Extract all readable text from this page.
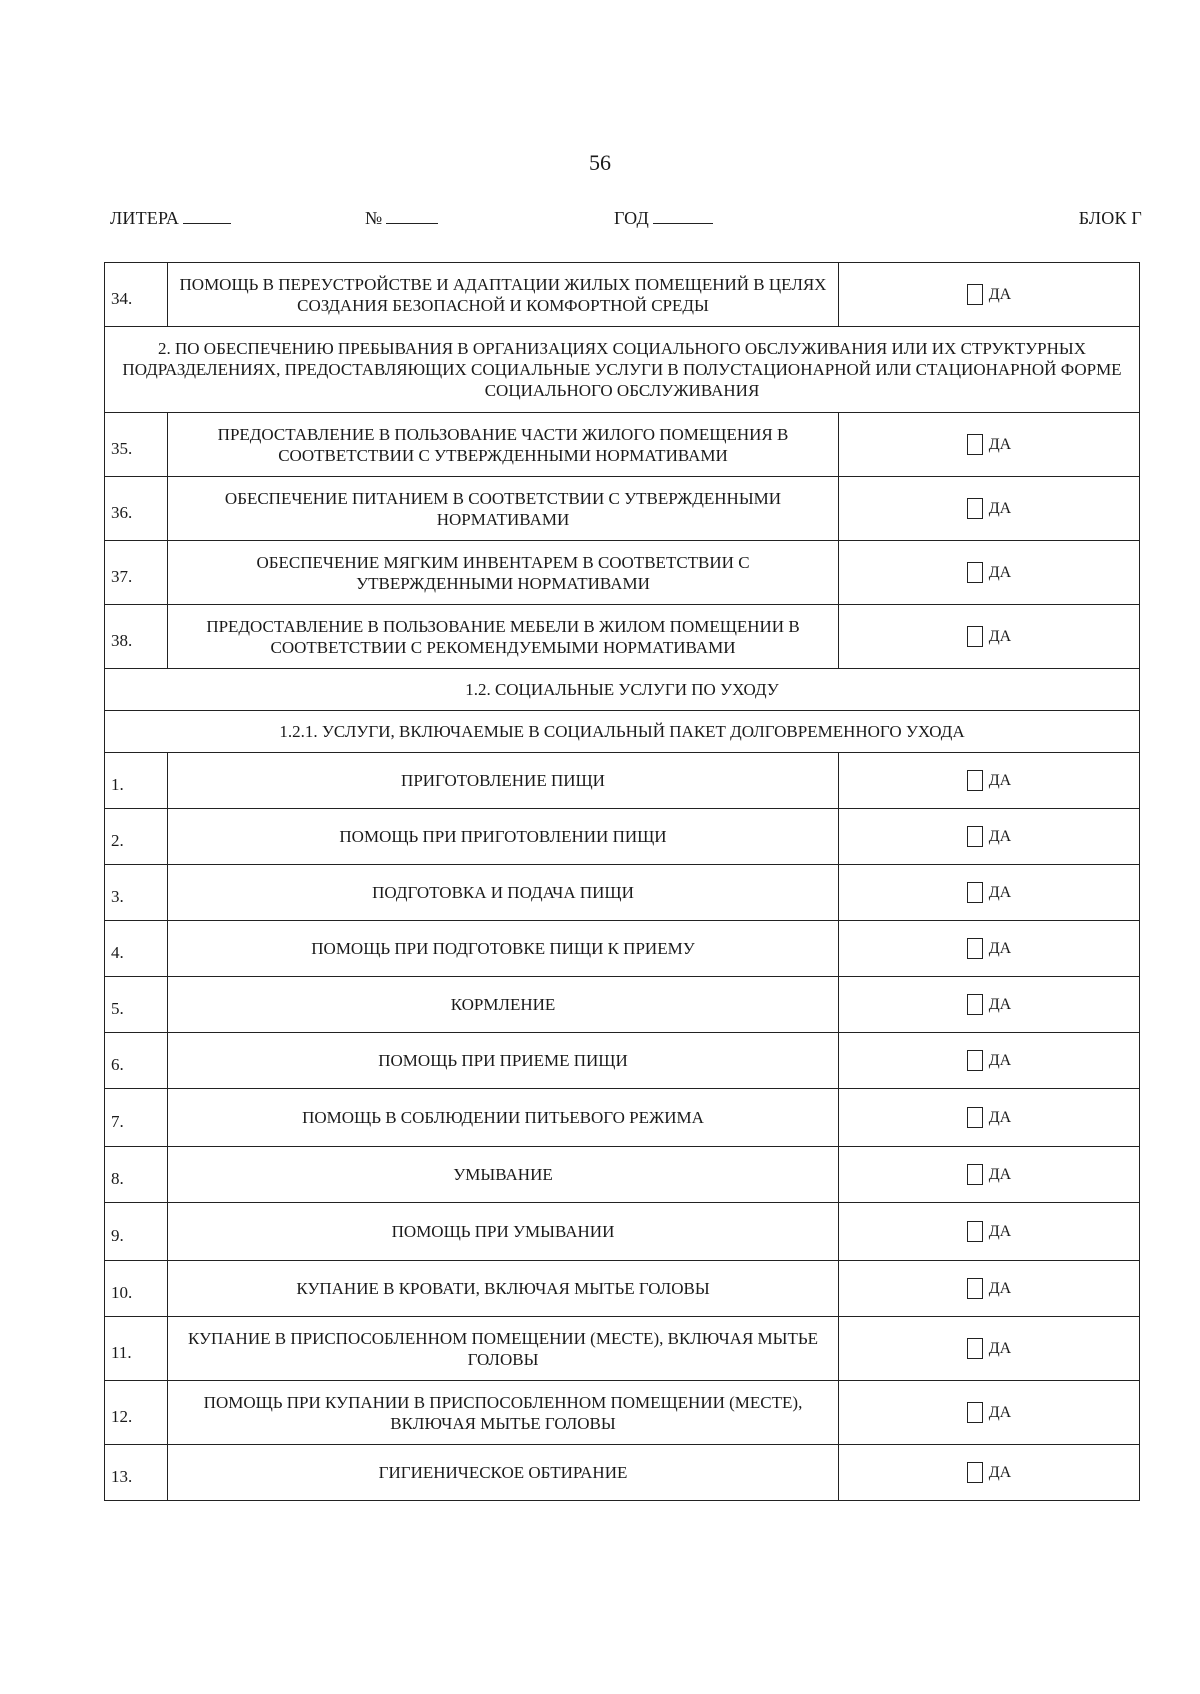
56
ЛИТЕРА	№	ГОД	БЛОК Г
34.	ПОМОЩЬ В ПЕРЕУСТРОЙСТВЕ И АДАПТАЦИИ ЖИЛЫХ ПОМЕЩЕНИЙ В ЦЕЛЯХ СОЗДАНИЯ БЕЗОПАСНОЙ И КОМФОРТНОЙ СРЕДЫ	ДА
2. ПО ОБЕСПЕЧЕНИЮ ПРЕБЫВАНИЯ В ОРГАНИЗАЦИЯХ СОЦИАЛЬНОГО ОБСЛУЖИВАНИЯ ИЛИ ИХ СТРУКТУРНЫХ ПОДРАЗДЕЛЕНИЯХ, ПРЕДОСТАВЛЯЮЩИХ СОЦИАЛЬНЫЕ УСЛУГИ В ПОЛУСТАЦИОНАРНОЙ ИЛИ СТАЦИОНАРНОЙ ФОРМЕ СОЦИАЛЬНОГО ОБСЛУЖИВАНИЯ		
35.	ПРЕДОСТАВЛЕНИЕ В ПОЛЬЗОВАНИЕ ЧАСТИ ЖИЛОГО ПОМЕЩЕНИЯ В СООТВЕТСТВИИ С УТВЕРЖДЕННЫМИ НОРМАТИВАМИ	ДА
36.	ОБЕСПЕЧЕНИЕ ПИТАНИЕМ В СООТВЕТСТВИИ С УТВЕРЖДЕННЫМИ НОРМАТИВАМИ	ДА
37.	ОБЕСПЕЧЕНИЕ МЯГКИМ ИНВЕНТАРЕМ В СООТВЕТСТВИИ С УТВЕРЖДЕННЫМИ НОРМАТИВАМИ	ДА
38.	ПРЕДОСТАВЛЕНИЕ В ПОЛЬЗОВАНИЕ МЕБЕЛИ В ЖИЛОМ ПОМЕЩЕНИИ В СООТВЕТСТВИИ С РЕКОМЕНДУЕМЫМИ НОРМАТИВАМИ	ДА
1.2. СОЦИАЛЬНЫЕ УСЛУГИ ПО УХОДУ		
1.2.1. УСЛУГИ, ВКЛЮЧАЕМЫЕ В СОЦИАЛЬНЫЙ ПАКЕТ ДОЛГОВРЕМЕННОГО УХОДА		
1.	ПРИГОТОВЛЕНИЕ ПИЩИ	ДА
2.	ПОМОЩЬ ПРИ ПРИГОТОВЛЕНИИ ПИЩИ	ДА
3.	ПОДГОТОВКА И ПОДАЧА ПИЩИ	ДА
4.	ПОМОЩЬ ПРИ ПОДГОТОВКЕ ПИЩИ К ПРИЕМУ	ДА
5.	КОРМЛЕНИЕ	ДА
6.	ПОМОЩЬ ПРИ ПРИЕМЕ ПИЩИ	ДА
7.	ПОМОЩЬ В СОБЛЮДЕНИИ ПИТЬЕВОГО РЕЖИМА	ДА
8.	УМЫВАНИЕ	ДА
9.	ПОМОЩЬ ПРИ УМЫВАНИИ	ДА
10.	КУПАНИЕ В КРОВАТИ, ВКЛЮЧАЯ МЫТЬЕ ГОЛОВЫ	ДА
11.	КУПАНИЕ В ПРИСПОСОБЛЕННОМ ПОМЕЩЕНИИ (МЕСТЕ), ВКЛЮЧАЯ МЫТЬЕ ГОЛОВЫ	ДА
12.	ПОМОЩЬ ПРИ КУПАНИИ В ПРИСПОСОБЛЕННОМ ПОМЕЩЕНИИ (МЕСТЕ), ВКЛЮЧАЯ МЫТЬЕ ГОЛОВЫ	ДА
13.	ГИГИЕНИЧЕСКОЕ ОБТИРАНИЕ	ДА
